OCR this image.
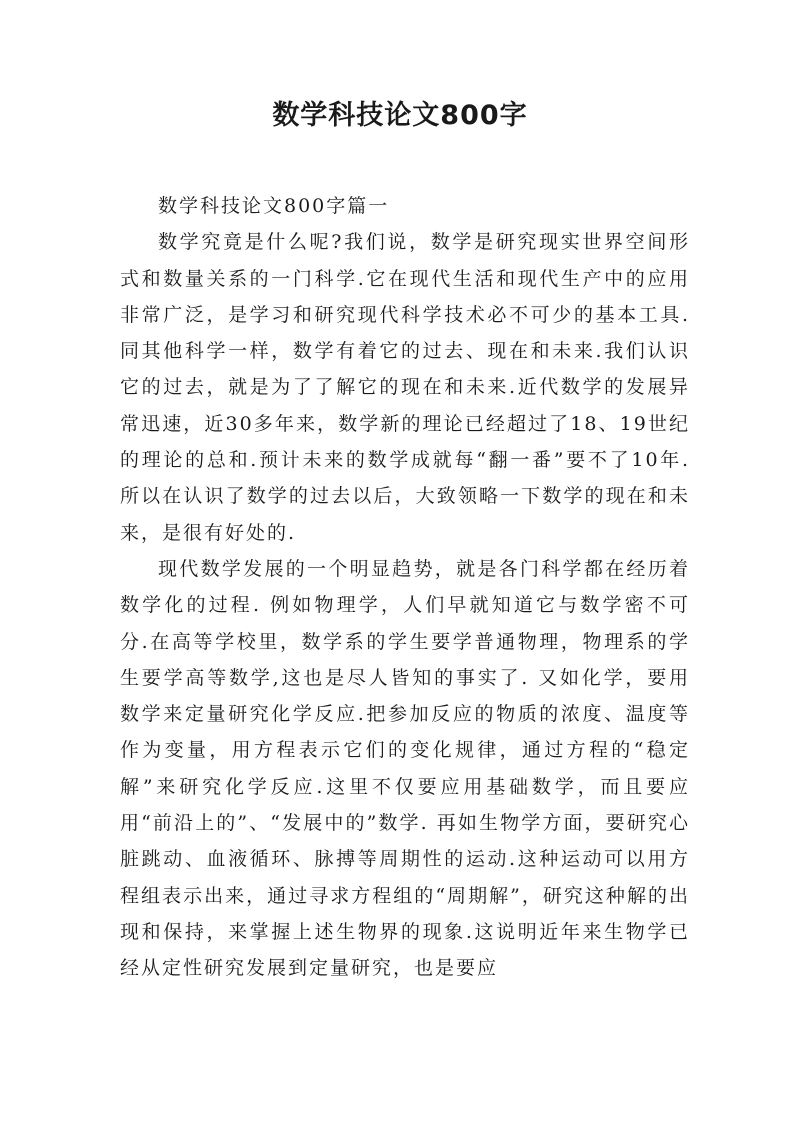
数学科技论文800字

数学科技论文800字篇一

数学究竟是什么呢?我们说，数学是研究现实世界空间形式和数量关系的一门科学.它在现代生活和现代生产中的应用非常广泛，是学习和研究现代科学技术必不可少的基本工具. 同其他科学一样，数学有着它的过去、现在和未来.我们认识它的过去，就是为了了解它的现在和未来.近代数学的发展异常迅速，近30多年来，数学新的理论已经超过了18、19世纪的理论的总和.预计未来的数学成就每“翻一番”要不了10年.所以在认识了数学的过去以后，大致领略一下数学的现在和未来，是很有好处的.

现代数学发展的一个明显趋势，就是各门科学都在经历着数学化的过程. 例如物理学，人们早就知道它与数学密不可分.在高等学校里，数学系的学生要学普通物理，物理系的学生要学高等数学,这也是尽人皆知的事实了. 又如化学，要用数学来定量研究化学反应.把参加反应的物质的浓度、温度等作为变量，用方程表示它们的变化规律，通过方程的“稳定解”来研究化学反应.这里不仅要应用基础数学，而且要应用“前沿上的”、“发展中的”数学. 再如生物学方面，要研究心脏跳动、血液循环、脉搏等周期性的运动.这种运动可以用方程组表示出来，通过寻求方程组的“周期解”，研究这种解的出现和保持，来掌握上述生物界的现象.这说明近年来生物学已经从定性研究发展到定量研究，也是要应
